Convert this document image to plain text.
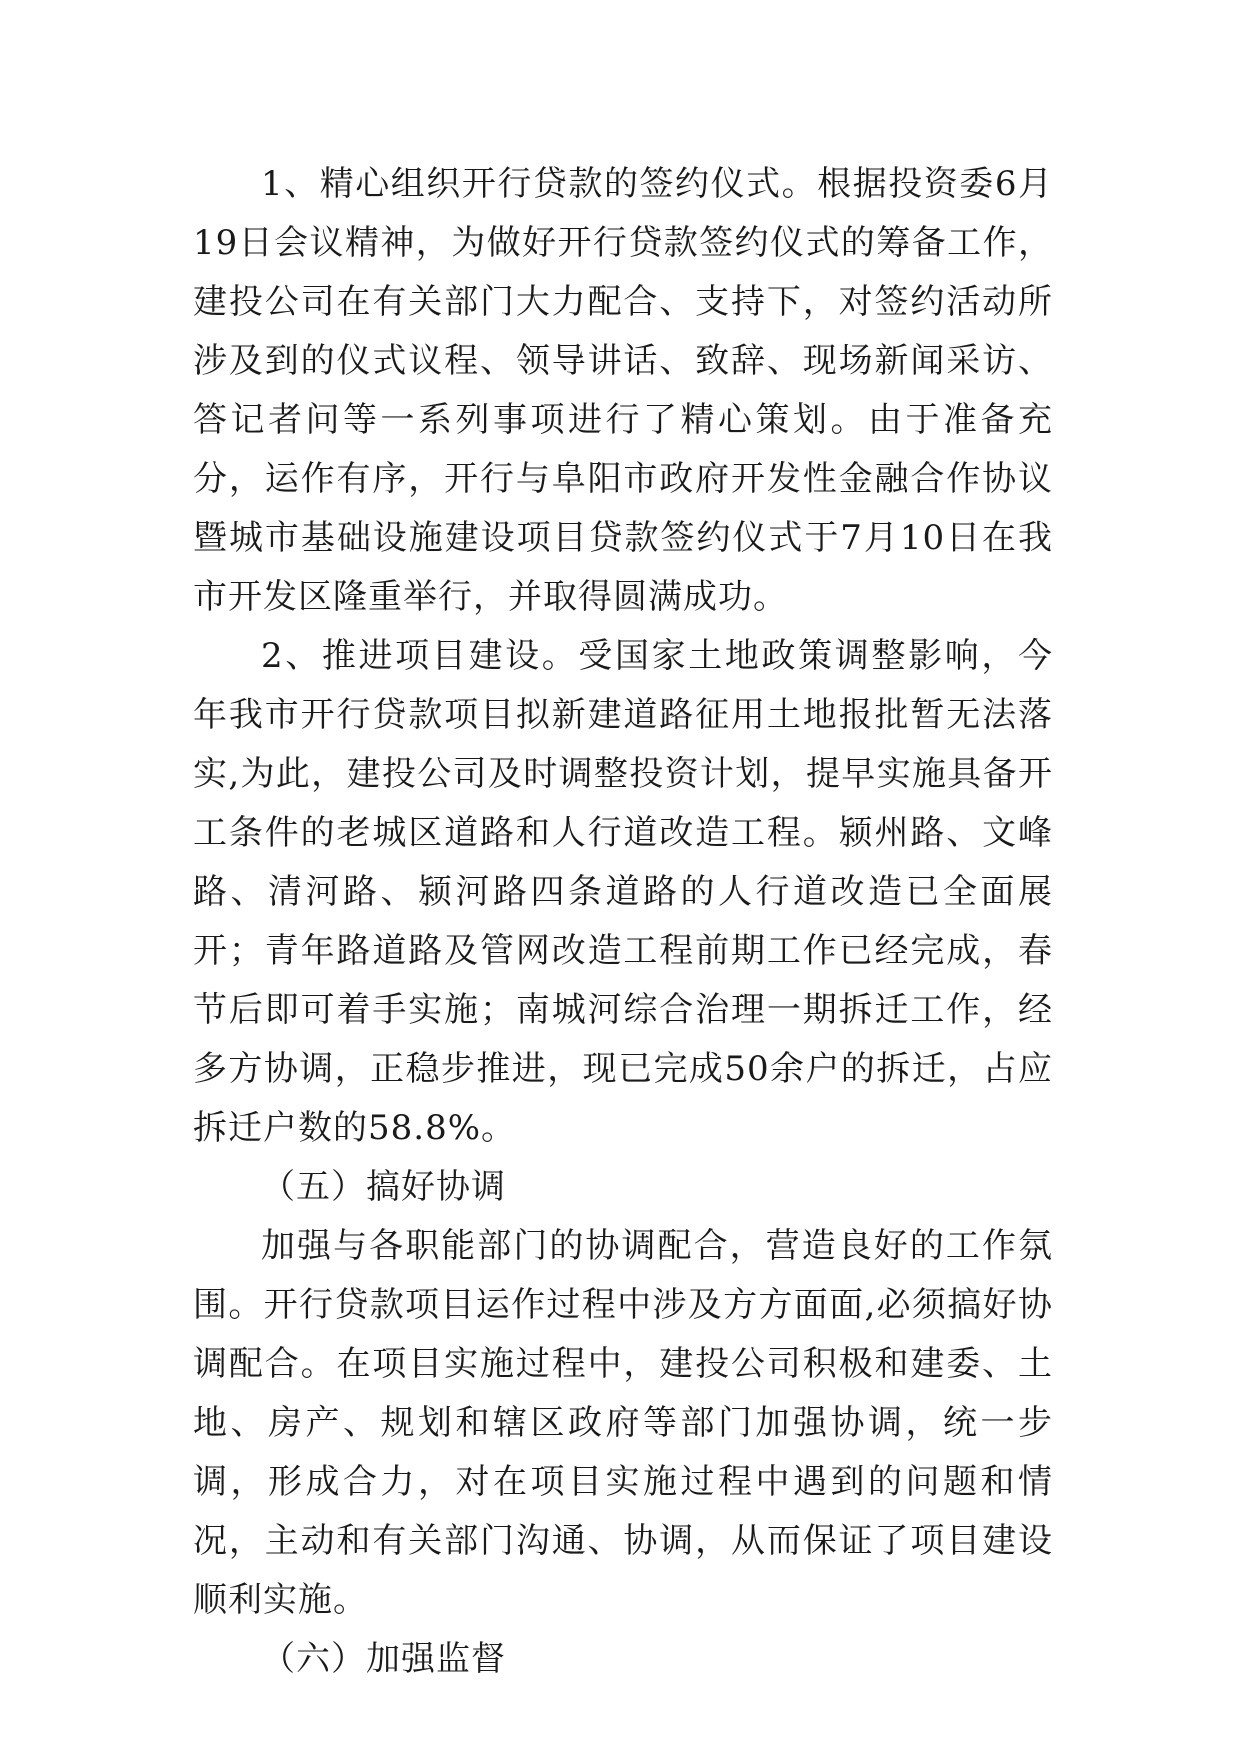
1、精心组织开行贷款的签约仪式。根据投资委6月19日会议精神，为做好开行贷款签约仪式的筹备工作，建投公司在有关部门大力配合、支持下，对签约活动所涉及到的仪式议程、领导讲话、致辞、现场新闻采访、答记者问等一系列事项进行了精心策划。由于准备充分，运作有序，开行与阜阳市政府开发性金融合作协议暨城市基础设施建设项目贷款签约仪式于7月10日在我市开发区隆重举行，并取得圆满成功。

2、推进项目建设。受国家土地政策调整影响，今年我市开行贷款项目拟新建道路征用土地报批暂无法落实,为此，建投公司及时调整投资计划，提早实施具备开工条件的老城区道路和人行道改造工程。颍州路、文峰路、清河路、颍河路四条道路的人行道改造已全面展开；青年路道路及管网改造工程前期工作已经完成，春节后即可着手实施；南城河综合治理一期拆迁工作，经多方协调，正稳步推进，现已完成50余户的拆迁，占应拆迁户数的58.8%。

（五）搞好协调

加强与各职能部门的协调配合，营造良好的工作氛围。开行贷款项目运作过程中涉及方方面面,必须搞好协调配合。在项目实施过程中，建投公司积极和建委、土地、房产、规划和辖区政府等部门加强协调，统一步调，形成合力，对在项目实施过程中遇到的问题和情况，主动和有关部门沟通、协调，从而保证了项目建设顺利实施。

（六）加强监督
